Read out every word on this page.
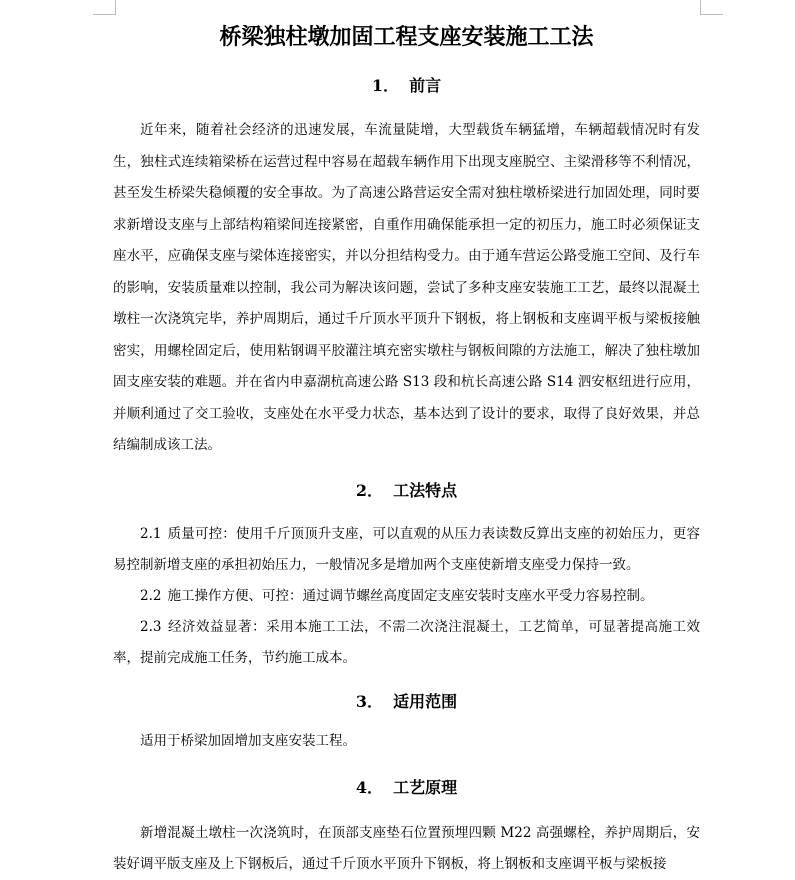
桥梁独柱墩加固工程支座安装施工工法
1． 前言

近年来，随着社会经济的迅速发展，车流量陡增，大型载货车辆猛增，车辆超载情况时有发生，独柱式连续箱梁桥在运营过程中容易在超载车辆作用下出现支座脱空、主梁滑移等不利情况，甚至发生桥梁失稳倾覆的安全事故。为了高速公路营运安全需对独柱墩桥梁进行加固处理，同时要求新增设支座与上部结构箱梁间连接紧密，自重作用确保能承担一定的初压力，施工时必须保证支座水平，应确保支座与梁体连接密实，并以分担结构受力。由于通车营运公路受施工空间、及行车的影响，安装质量难以控制，我公司为解决该问题，尝试了多种支座安装施工工艺，最终以混凝土墩柱一次浇筑完毕，养护周期后，通过千斤顶水平顶升下钢板，将上钢板和支座调平板与梁板接触密实，用螺栓固定后，使用粘钢调平胶灌注填充密实墩柱与钢板间隙的方法施工，解决了独柱墩加固支座安装的难题。并在省内申嘉湖杭高速公路 S13 段和杭长高速公路 S14 泗安枢纽进行应用，并顺利通过了交工验收，支座处在水平受力状态，基本达到了设计的要求，取得了良好效果，并总结编制成该工法。

2． 工法特点

2.1 质量可控：使用千斤顶顶升支座，可以直观的从压力表读数反算出支座的初始压力，更容易控制新增支座的承担初始压力，一般情况多是增加两个支座使新增支座受力保持一致。

2.2 施工操作方便、可控：通过调节螺丝高度固定支座安装时支座水平受力容易控制。

2.3 经济效益显著：采用本施工工法，不需二次浇注混凝土，工艺简单，可显著提高施工效率，提前完成施工任务，节约施工成本。

3． 适用范围

适用于桥梁加固增加支座安装工程。

4． 工艺原理

新增混凝土墩柱一次浇筑时，在顶部支座垫石位置预埋四颗 M22 高强螺栓，养护周期后，安装好调平版支座及上下钢板后，通过千斤顶水平顶升下钢板，将上钢板和支座调平板与梁板接
